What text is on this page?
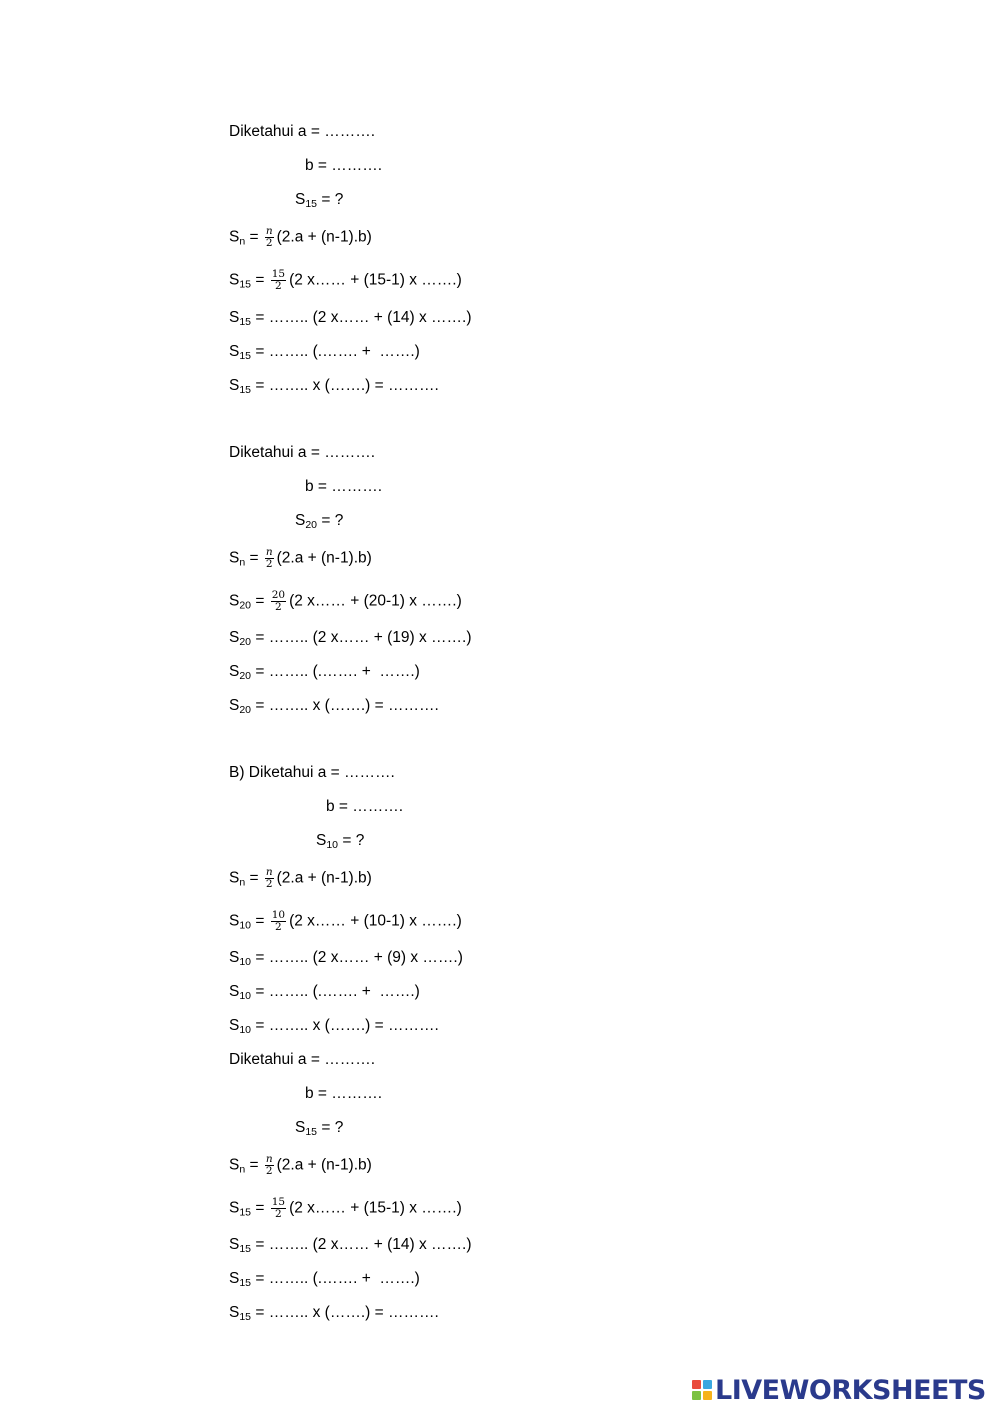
Diketahui a = ……….
b = ……….
$S_{15}$ = ?
$S_n = \frac{n}{2} (2.a + (n-1).b)$
$S_{15} = \frac{15}{2} (2$ x…… + (15-1) x …….)
$S_{15}$ = …….. (2 x…… + (14) x …….)
$S_{15}$ = …….. (.……. +  …….)
$S_{15}$ = …….. x (…….) = ……….
Diketahui a = ……….
b = ……….
$S_{20}$ = ?
$S_n = \frac{n}{2} (2.a + (n-1).b)$
$S_{20} = \frac{20}{2} (2$ x…… + (20-1) x …….)
$S_{20}$ = …….. (2 x…… + (19) x …….)
$S_{20}$ = …….. (.……. +  …….)
$S_{20}$ = …….. x (…….) = ……….
B) Diketahui a = ……….
b = ……….
$S_{10}$ = ?
$S_n = \frac{n}{2} (2.a + (n-1).b)$
$S_{10} = \frac{10}{2} (2$ x…… + (10-1) x …….)
$S_{10}$ = …….. (2 x…… + (9) x …….)
$S_{10}$ = …….. (.……. +  …….)
$S_{10}$ = …….. x (…….) = ……….
Diketahui a = ……….
b = ……….
$S_{15}$ = ?
$S_n = \frac{n}{2} (2.a + (n-1).b)$
$S_{15} = \frac{15}{2} (2$ x…… + (15-1) x …….)
$S_{15}$ = …….. (2 x…… + (14) x …….)
$S_{15}$ = …….. (.……. +  …….)
$S_{15}$ = …….. x (…….) = ……….
LIVEWORKSHEETS
